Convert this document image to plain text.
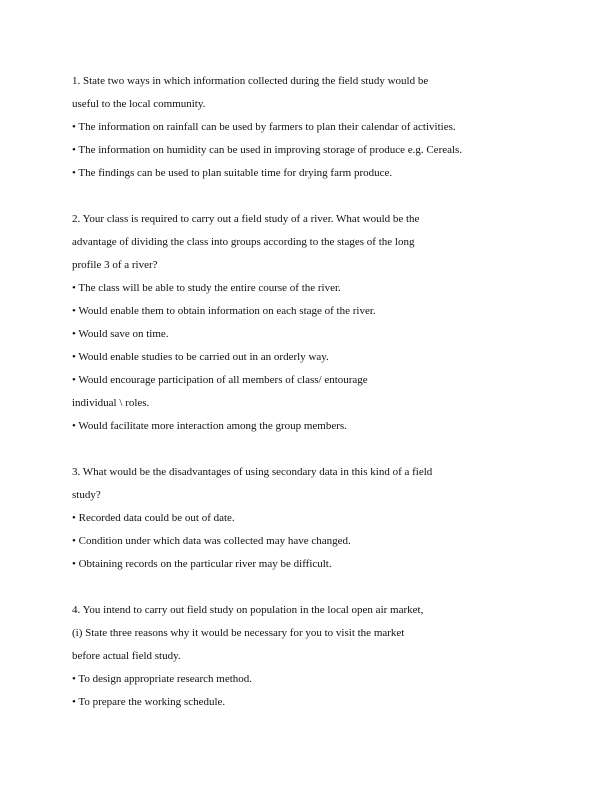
1. State two ways in which information collected during the field study would be
useful to the local community.
• The information on rainfall can be used by farmers to plan their calendar of activities.
• The information on humidity can be used in improving storage of produce e.g. Cereals.
• The findings can be used to plan suitable time for drying farm produce.
2. Your class is required to carry out a field study of a river. What would be the
advantage of dividing the class into groups according to the stages of the long
profile 3 of a river?
• The class will be able to study the entire course of the river.
• Would enable them to obtain information on each stage of the river.
• Would save on time.
• Would enable studies to be carried out in an orderly way.
• Would encourage participation of all members of class/ entourage
individual \ roles.
• Would facilitate more interaction among the group members.
3. What would be the disadvantages of using secondary data in this kind of a field
study?
• Recorded data could be out of date.
• Condition under which data was collected may have changed.
• Obtaining records on the particular river may be difficult.
4. You intend to carry out field study on population in the local open air market,
(i) State three reasons why it would be necessary for you to visit the market
before actual field study.
• To design appropriate research method.
• To prepare the working schedule.
